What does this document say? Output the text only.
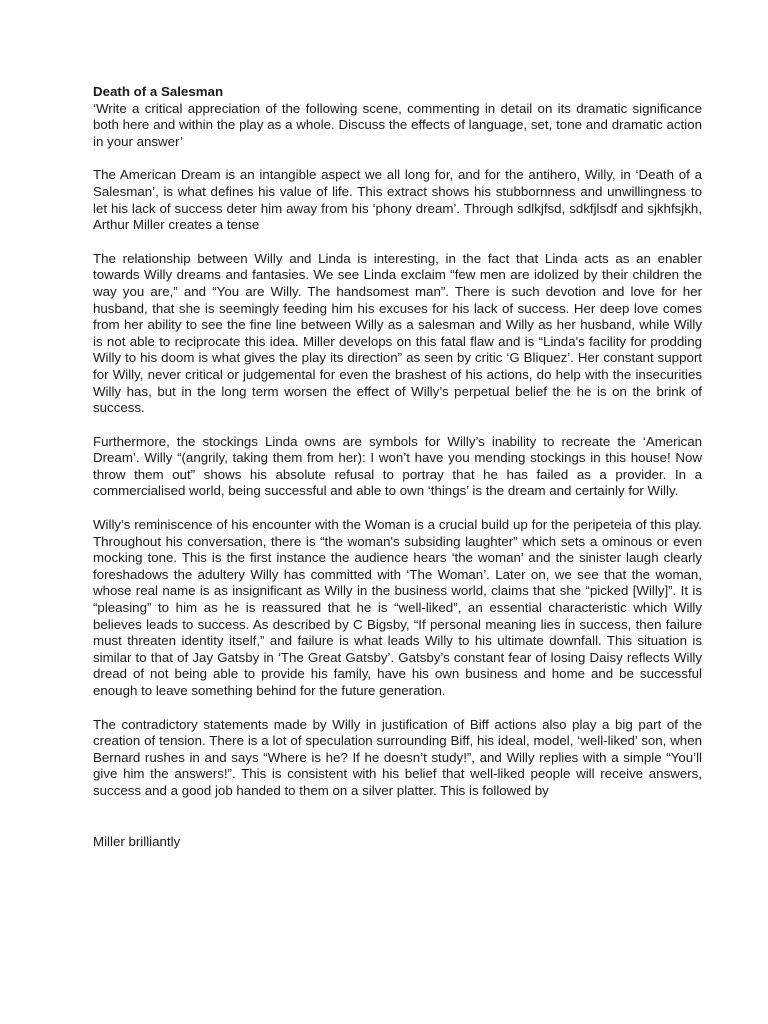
Death of a Salesman

‘Write a critical appreciation of the following scene, commenting in detail on its dramatic significance both here and within the play as a whole. Discuss the effects of language, set, tone and dramatic action in your answer’

The American Dream is an intangible aspect we all long for, and for the antihero, Willy, in ‘Death of a Salesman’, is what defines his value of life. This extract shows his stubbornness and unwillingness to let his lack of success deter him away from his ‘phony dream’. Through sdlkjfsd, sdkfjlsdf and sjkhfsjkh, Arthur Miller creates a tense

The relationship between Willy and Linda is interesting, in the fact that Linda acts as an enabler towards Willy dreams and fantasies. We see Linda exclaim “few men are idolized by their children the way you are,” and “You are Willy. The handsomest man”. There is such devotion and love for her husband, that she is seemingly feeding him his excuses for his lack of success. Her deep love comes from her ability to see the fine line between Willy as a salesman and Willy as her husband, while Willy is not able to reciprocate this idea. Miller develops on this fatal flaw and is “Linda's facility for prodding Willy to his doom is what gives the play its direction” as seen by critic ‘G Bliquez’. Her constant support for Willy, never critical or judgemental for even the brashest of his actions, do help with the insecurities Willy has, but in the long term worsen the effect of Willy’s perpetual belief the he is on the brink of success.

Furthermore, the stockings Linda owns are symbols for Willy’s inability to recreate the ‘American Dream’. Willy “(angrily, taking them from her): I won’t have you mending stockings in this house! Now throw them out” shows his absolute refusal to portray that he has failed as a provider. In a commercialised world, being successful and able to own ‘things’ is the dream and certainly for Willy.

Willy’s reminiscence of his encounter with the Woman is a crucial build up for the peripeteia of this play. Throughout his conversation, there is “the woman's subsiding laughter” which sets a ominous or even mocking tone. This is the first instance the audience hears ‘the woman’ and the sinister laugh clearly foreshadows the adultery Willy has committed with ‘The Woman’. Later on, we see that the woman, whose real name is as insignificant as Willy in the business world, claims that she “picked [Willy]”. It is “pleasing” to him as he is reassured that he is “well-liked”, an essential characteristic which Willy believes leads to success. As described by C Bigsby, “If personal meaning lies in success, then failure must threaten identity itself,” and failure is what leads Willy to his ultimate downfall. This situation is similar to that of Jay Gatsby in ‘The Great Gatsby’. Gatsby’s constant fear of losing Daisy reflects Willy dread of not being able to provide his family, have his own business and home and be successful enough to leave something behind for the future generation.

The contradictory statements made by Willy in justification of Biff actions also play a big part of the creation of tension. There is a lot of speculation surrounding Biff, his ideal, model, ‘well-liked’ son, when Bernard rushes in and says “Where is he? If he doesn’t study!”, and Willy replies with a simple “You’ll give him the answers!”. This is consistent with his belief that well-liked people will receive answers, success and a good job handed to them on a silver platter. This is followed by

Miller brilliantly
